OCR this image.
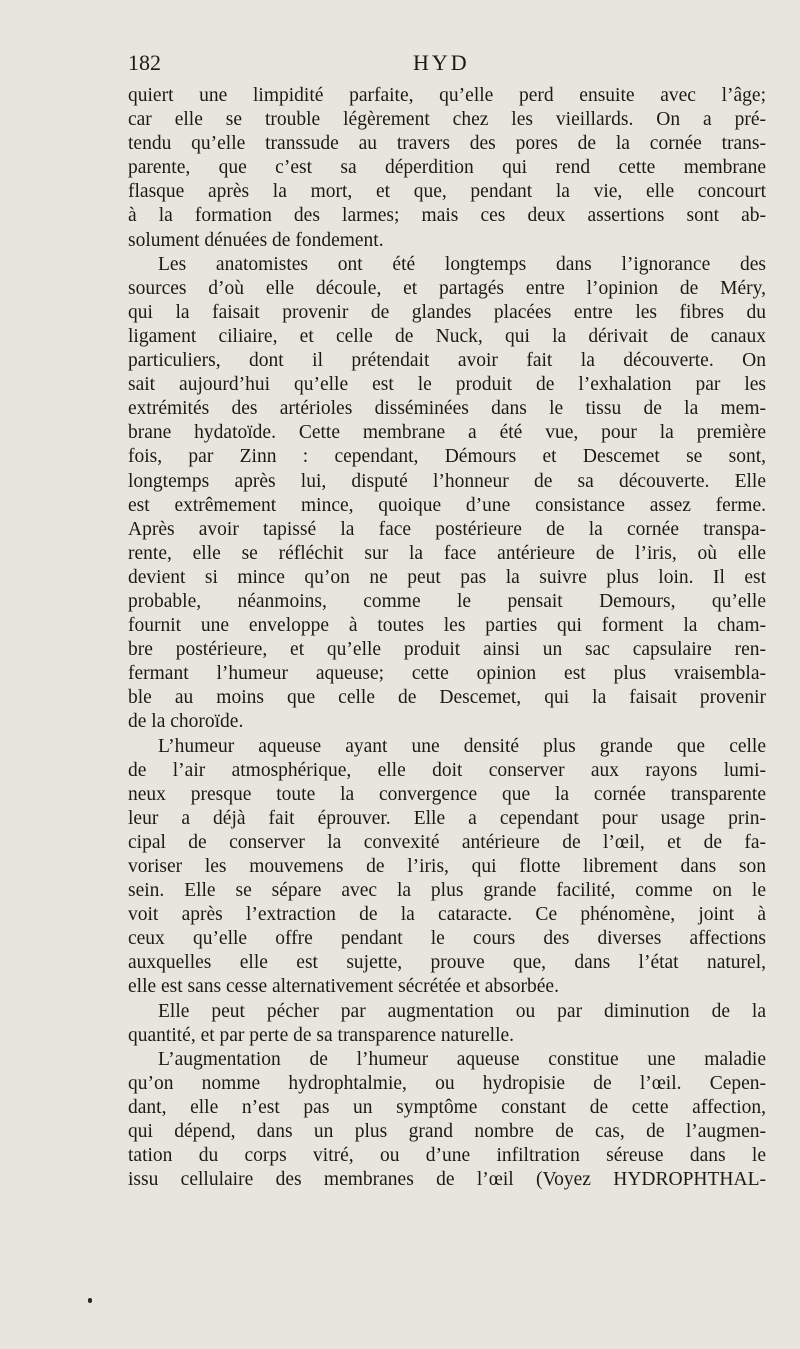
182	HYD
quiert une limpidité parfaite, qu’elle perd ensuite avec l’âge;
car elle se trouble légèrement chez les vieillards. On a pré-
tendu qu’elle transsude au travers des pores de la cornée trans-
parente, que c’est sa déperdition qui rend cette membrane
flasque après la mort, et que, pendant la vie, elle concourt
à la formation des larmes; mais ces deux assertions sont ab-
solument dénuées de fondement.
Les anatomistes ont été longtemps dans l’ignorance des
sources d’où elle découle, et partagés entre l’opinion de Méry,
qui la faisait provenir de glandes placées entre les fibres du
ligament ciliaire, et celle de Nuck, qui la dérivait de canaux
particuliers, dont il prétendait avoir fait la découverte. On
sait aujourd’hui qu’elle est le produit de l’exhalation par les
extrémités des artérioles disséminées dans le tissu de la mem-
brane hydatoïde. Cette membrane a été vue, pour la première
fois, par Zinn : cependant, Démours et Descemet se sont,
longtemps après lui, disputé l’honneur de sa découverte. Elle
est extrêmement mince, quoique d’une consistance assez ferme.
Après avoir tapissé la face postérieure de la cornée transpa-
rente, elle se réfléchit sur la face antérieure de l’iris, où elle
devient si mince qu’on ne peut pas la suivre plus loin. Il est
probable, néanmoins, comme le pensait Demours, qu’elle
fournit une enveloppe à toutes les parties qui forment la cham-
bre postérieure, et qu’elle produit ainsi un sac capsulaire ren-
fermant l’humeur aqueuse; cette opinion est plus vraisembla-
ble au moins que celle de Descemet, qui la faisait provenir
de la choroïde.
L’humeur aqueuse ayant une densité plus grande que celle
de l’air atmosphérique, elle doit conserver aux rayons lumi-
neux presque toute la convergence que la cornée transparente
leur a déjà fait éprouver. Elle a cependant pour usage prin-
cipal de conserver la convexité antérieure de l’œil, et de fa-
voriser les mouvemens de l’iris, qui flotte librement dans son
sein. Elle se sépare avec la plus grande facilité, comme on le
voit après l’extraction de la cataracte. Ce phénomène, joint à
ceux qu’elle offre pendant le cours des diverses affections
auxquelles elle est sujette, prouve que, dans l’état naturel,
elle est sans cesse alternativement sécrétée et absorbée.
Elle peut pécher par augmentation ou par diminution de la
quantité, et par perte de sa transparence naturelle.
L’augmentation de l’humeur aqueuse constitue une maladie
qu’on nomme hydrophtalmie, ou hydropisie de l’œil. Cepen-
dant, elle n’est pas un symptôme constant de cette affection,
qui dépend, dans un plus grand nombre de cas, de l’augmen-
tation du corps vitré, ou d’une infiltration séreuse dans le
issu cellulaire des membranes de l’œil (Voyez HYDROPHTHAL-
